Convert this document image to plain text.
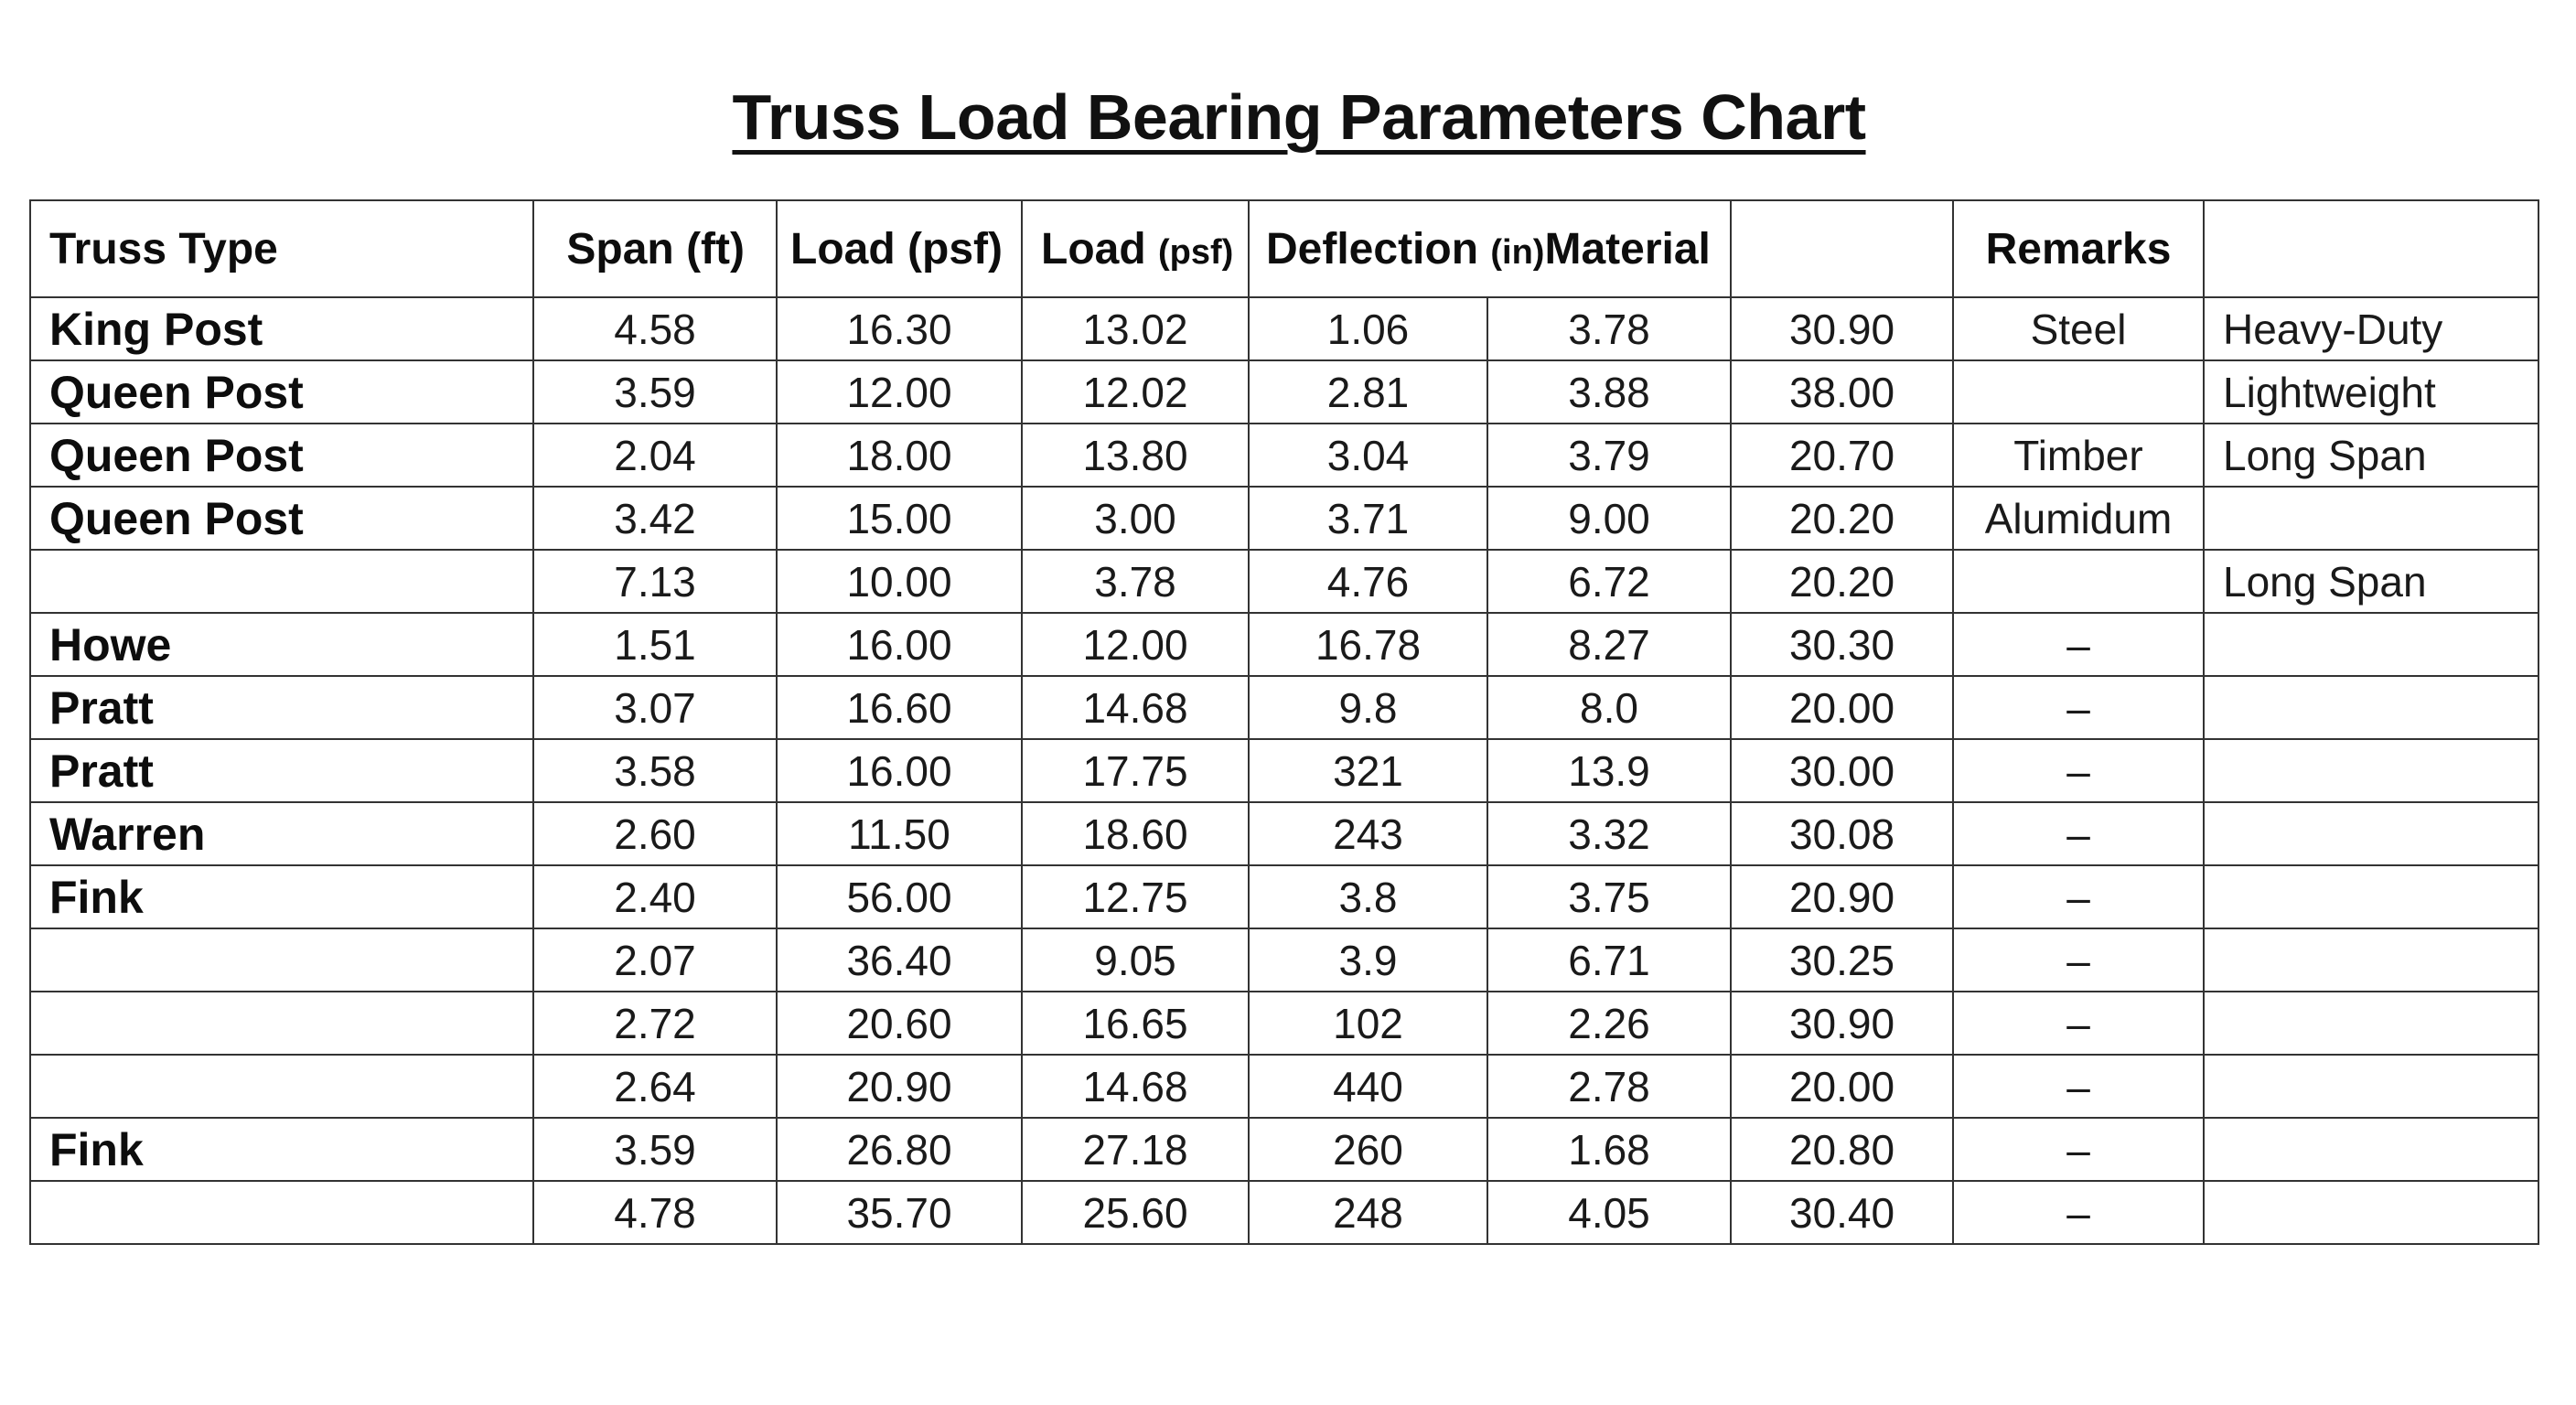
Truss Load Bearing Parameters Chart
Truss Type	Span (ft)	Load (psf)	Load (psf)	Deflection (in) Material			Remarks	
King Post	4.58	16.30	13.02	1.06	3.78	30.90	Steel	Heavy-Duty
Queen Post	3.59	12.00	12.02	2.81	3.88	38.00		Lightweight
Queen Post	2.04	18.00	13.80	3.04	3.79	20.70	Timber	Long Span
Queen Post	3.42	15.00	3.00	3.71	9.00	20.20	Alumidum	
	7.13	10.00	3.78	4.76	6.72	20.20		Long Span
Howe	1.51	16.00	12.00	16.78	8.27	30.30	–	
Pratt	3.07	16.60	14.68	9.8	8.0	20.00	–	
Pratt	3.58	16.00	17.75	321	13.9	30.00	–	
Warren	2.60	11.50	18.60	243	3.32	30.08	–	
Fink	2.40	56.00	12.75	3.8	3.75	20.90	–	
	2.07	36.40	9.05	3.9	6.71	30.25	–	
	2.72	20.60	16.65	102	2.26	30.90	–	
	2.64	20.90	14.68	440	2.78	20.00	–	
Fink	3.59	26.80	27.18	260	1.68	20.80	–	
	4.78	35.70	25.60	248	4.05	30.40	–	
